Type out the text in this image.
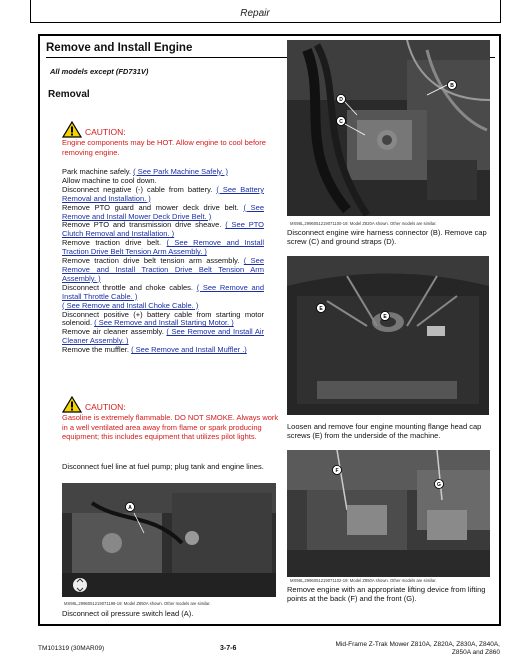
Repair
Remove and Install Engine
All models except (FD731V)
Removal
CAUTION:
Engine components may be HOT. Allow engine to cool before removing engine.

Park machine safely. ( See Park Machine Safely. )

Allow machine to cool down.

Disconnect negative (-) cable from battery. ( See Battery Removal and Installation. )

Remove PTO guard and mower deck drive belt. ( See Remove and Install Mower Deck Drive Belt. )

Remove PTO and transmission drive sheave. ( See PTO Clutch Removal and Installation. )

Remove traction drive belt. ( See Remove and Install Traction Drive Belt Tension Arm Assembly. )

Remove traction drive belt tension arm assembly. ( See Remove and Install Traction Drive Belt Tension Arm Assembly. )

Disconnect throttle and choke cables. ( See Remove and Install Throttle Cable. )

( See Remove and Install Choke Cable. )

Disconnect positive (+) battery cable from starting motor solenoid. ( See Remove and Install Starting Motor. )

Remove air cleaner assembly. ( See Remove and Install Air Cleaner Assembly. )

Remove the muffler. ( See Remove and Install Muffler .)

CAUTION:
Gasoline is extremely flammable. DO NOT SMOKE. Always work in a well ventilated area away from flame or spark producing equipment; this includes equipment that utilizes pilot lights.
Disconnect fuel line at fuel pump; plug tank and engine lines.
B
D
C
MX98L,2996051219071100-19: Model Z820A shown. Other models are similar.
Disconnect engine wire harness connector (B). Remove cap screw (C) and ground straps (D).
E
E
Loosen and remove four engine mounting flange head cap screws (E) from the underside of the machine.
F
G
MX98L,2996051219071102-19: Model Z850A shown. Other models are similar.
Remove engine with an appropriate lifting device from lifting points at the back (F) and the front (G).
A
MX98L,2996051219071199-19: Model Z850A shown. Other models are similar.
Disconnect oil pressure switch lead (A).
TM101319 (30MAR09)	3-7-6
Mid-Frame Z-Trak Mower Z810A, Z820A, Z830A, Z840A,
Z850A and Z860
